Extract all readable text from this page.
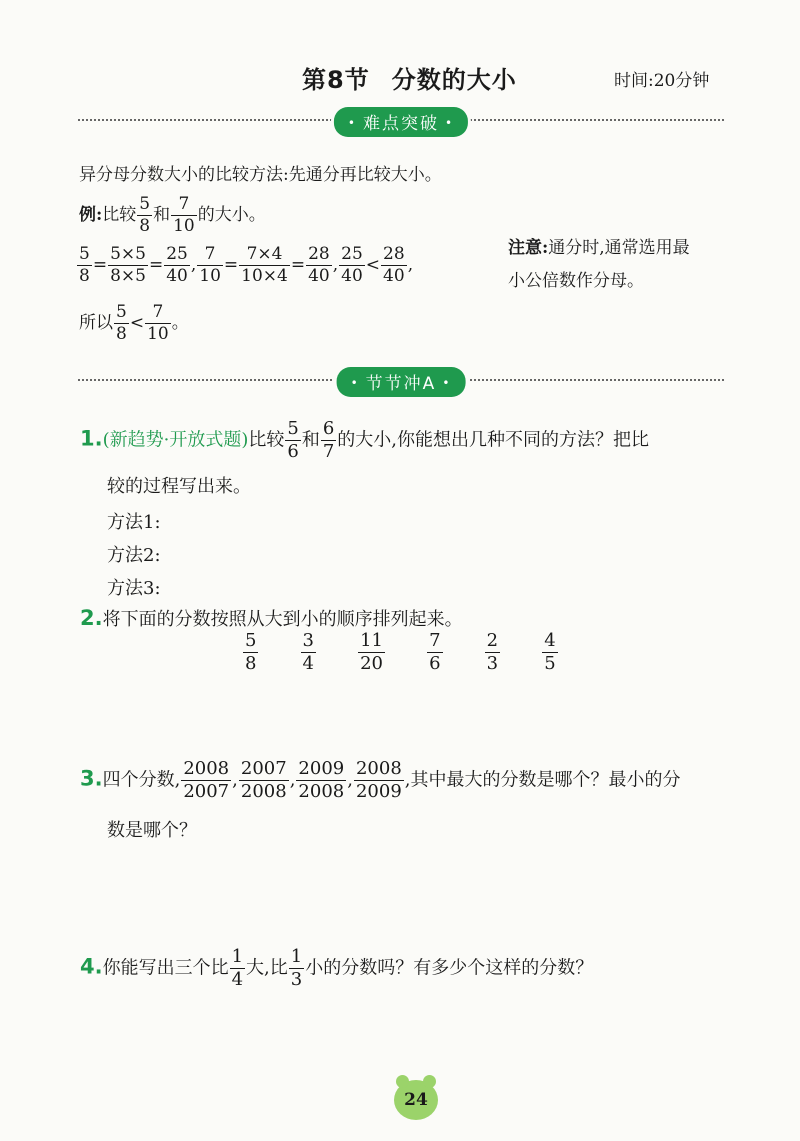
第8节 分数的大小	时间:20分钟
• 难点突破 •
异分母分数大小的比较方法:先通分再比较大小。
例:比较 $\frac{5}{8}$ 和 $\frac{7}{10}$ 的大小。
$\frac{5}{8} = \frac{5\times 5}{8\times 5} = \frac{25}{40}$ , $\frac{7}{10} = \frac{7\times 4}{10\times 4} = \frac{28}{40}$ , $\frac{25}{40} < \frac{28}{40}$ ,
所以 $\frac{5}{8} < \frac{7}{10}$ 。
注意:通分时,通常选用最
小公倍数作分母。
• 节节冲A •
1.(新趋势·开放式题)比较 $\frac{5}{6}$ 和 $\frac{6}{7}$ 的大小,你能想出几种不同的方法？把比
较的过程写出来。
方法1:
方法2:
方法3:
2.将下面的分数按照从大到小的顺序排列起来。
$\frac{5}{8}$
$\frac{3}{4}$
$\frac{11}{20}$
$\frac{7}{6}$
$\frac{2}{3}$
$\frac{4}{5}$
3.四个分数, $\frac{2008}{2007}$ , $\frac{2007}{2008}$ , $\frac{2009}{2008}$ , $\frac{2008}{2009}$ ,其中最大的分数是哪个？最小的分
数是哪个？
4.你能写出三个比 $\frac{1}{4}$ 大,比 $\frac{1}{3}$ 小的分数吗？有多少个这样的分数？
24
